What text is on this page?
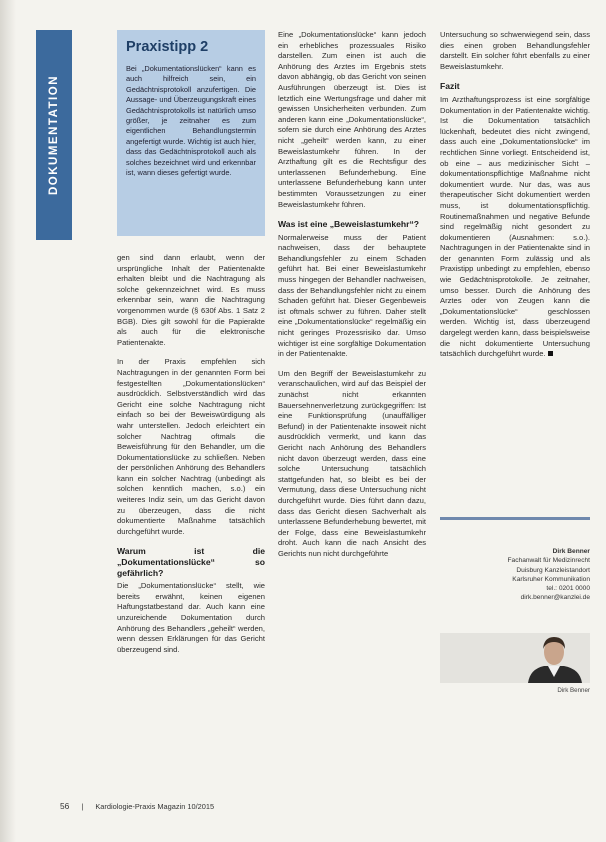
DOKUMENTATION
Praxistipp 2
Bei „Dokumentationslücken“ kann es auch hilfreich sein, ein Gedächtnisprotokoll anzufertigen. Die Aussage- und Überzeugungskraft eines Gedächtnisprotokolls ist natürlich umso größer, je zeitnaher es zum eigentlichen Behandlungstermin angefertigt wurde. Wichtig ist auch hier, dass das Gedächtnisprotokoll auch als solches bezeichnet wird und erkennbar ist, wann dieses gefertigt wurde.

gen sind dann erlaubt, wenn der ursprüngliche Inhalt der Patientenakte erhalten bleibt und die Nachtragung als solche gekennzeichnet wird. Es muss erkennbar sein, wann die Nachtragung vorgenommen wurde (§ 630f Abs. 1 Satz 2 BGB). Dies gilt sowohl für die Papierakte als auch für die elektronische Patientenakte.

In der Praxis empfehlen sich Nachtragungen in der genannten Form bei festgestellten „Dokumentationslücken“ ausdrücklich. Selbstverständlich wird das Gericht eine solche Nachtragung nicht einfach so bei der Beweiswürdigung als wahr unterstellen. Jedoch erleichtert ein solcher Nachtrag oftmals die Beweisführung für den Behandler, um die Dokumentationslücke zu schließen. Neben der persönlichen Anhörung des Behandlers kann ein solcher Nachtrag (unbedingt als solchen kenntlich machen, s.o.) ein weiteres Indiz sein, um das Gericht davon zu überzeugen, dass die nicht dokumentierte Maßnahme tatsächlich durchgeführt wurde.

Warum ist die „Dokumentationslücke“ so gefährlich?

Die „Dokumentationslücke“ stellt, wie bereits erwähnt, keinen eigenen Haftungstatbestand dar. Auch kann eine unzureichende Dokumentation durch Anhörung des Behandlers „geheilt“ werden, wenn dessen Erklärungen für das Gericht überzeugend sind.

Eine „Dokumentationslücke“ kann jedoch ein erhebliches prozessuales Risiko darstellen. Zum einen ist auch die Anhörung des Arztes im Ergebnis stets davon abhängig, ob das Gericht von seinen Ausführungen überzeugt ist. Dies ist letztlich eine Wertungsfrage und daher mit gewissen Unsicherheiten verbunden. Zum anderen kann eine „Dokumentationslücke“, sofern sie durch eine Anhörung des Arztes nicht „geheilt“ werden kann, zu einer Beweislastumkehr führen. In der Arzthaftung gilt es die Rechtsfigur des unterlassenen Befunderhebung. Eine unterlassene Befunderhebung kann unter bestimmten Voraussetzungen zu einer Beweislastumkehr führen.

Was ist eine „Beweislastumkehr“?

Normalerweise muss der Patient nachweisen, dass der behauptete Behandlungsfehler zu einem Schaden geführt hat. Bei einer Beweislastumkehr muss hingegen der Behandler nachweisen, dass der Behandlungsfehler nicht zu einem Schaden geführt hat. Dieser Gegenbeweis ist oftmals schwer zu führen. Daher stellt eine „Dokumentationslücke“ regelmäßig ein nicht geringes Prozessrisiko dar. Umso wichtiger ist eine sorgfältige Dokumentation in der Patientenakte.

Um den Begriff der Beweislastumkehr zu veranschaulichen, wird auf das Beispiel der zunächst nicht erkannten Bauersehnenverletzung zurückgegriffen: Ist eine Funktionsprüfung (unauffälliger Befund) in der Patientenakte insoweit nicht ausdrücklich vermerkt, und kann das Gericht nach Anhörung des Behandlers nicht davon überzeugt werden, dass eine solche Untersuchung tatsächlich stattgefunden hat, so bleibt es bei der Vermutung, dass diese Untersuchung nicht durchgeführt wurde. Dies führt dann dazu, dass das Gericht diesen Sachverhalt als unterlassene Befunderhebung bewertet, mit der Folge, dass eine Beweislastumkehr droht. Auch kann die nach Ansicht des Gerichts nun nicht durchgeführte

Untersuchung so schwerwiegend sein, dass dies einen groben Behandlungsfehler darstellt. Ein solcher führt ebenfalls zu einer Beweislastumkehr.

Fazit

Im Arzthaftungsprozess ist eine sorgfältige Dokumentation in der Patientenakte wichtig. Ist die Dokumentation tatsächlich lückenhaft, bedeutet dies nicht zwingend, dass auch eine „Dokumentationslücke“ im rechtlichen Sinne vorliegt. Entscheidend ist, ob eine – aus medizinischer Sicht – dokumentationspflichtige Maßnahme nicht dokumentiert wurde. Nur das, was aus therapeutischer Sicht dokumentiert werden muss, ist dokumentationspflichtig. Routinemaßnahmen und negative Befunde sind regelmäßig nicht gesondert zu dokumentieren (Ausnahmen: s.o.). Nachtragungen in der Patientenakte sind in der genannten Form zulässig und als Praxistipp unbedingt zu empfehlen, ebenso wie Gedächtnisprotokolle. Je zeitnaher, umso besser. Durch die Anhörung des Arztes oder von Zeugen kann die „Dokumentationslücke“ geschlossen werden. Wichtig ist, dass überzeugend dargelegt werden kann, dass beispielsweise die nicht dokumentierte Untersuchung tatsächlich durchgeführt wurde.

Dirk Benner
Fachanwalt für Medizinrecht
Duisburg Kanzleistandort
Karlsruher Kommunikation
tel.: 0201 0000
dirk.benner@kanzlei.de
Dirk Benner
56 | Kardiologie-Praxis Magazin 10/2015
